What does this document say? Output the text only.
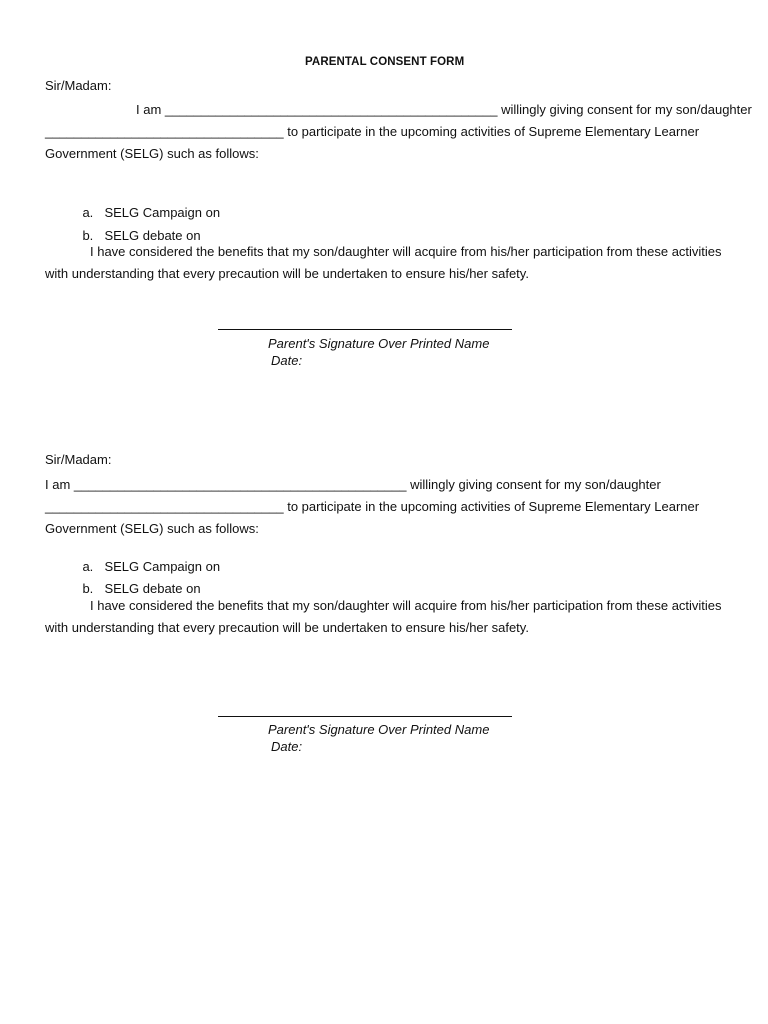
PARENTAL CONSENT FORM
Sir/Madam:
I am ______________________________________________ willingly giving consent for my son/daughter
_________________________________ to participate in the upcoming activities of Supreme Elementary Learner
Government (SELG) such as follows:

a. SELG Campaign on

b. SELG debate on

I have considered the benefits that my son/daughter will acquire from his/her participation from these activities
with understanding that every precaution will be undertaken to ensure his/her safety.
Parent's Signature Over Printed Name
Date:
Sir/Madam:
I am ______________________________________________ willingly giving consent for my son/daughter
_________________________________ to participate in the upcoming activities of Supreme Elementary Learner
Government (SELG) such as follows:

a. SELG Campaign on

b. SELG debate on

I have considered the benefits that my son/daughter will acquire from his/her participation from these activities
with understanding that every precaution will be undertaken to ensure his/her safety.
Parent's Signature Over Printed Name
Date:
